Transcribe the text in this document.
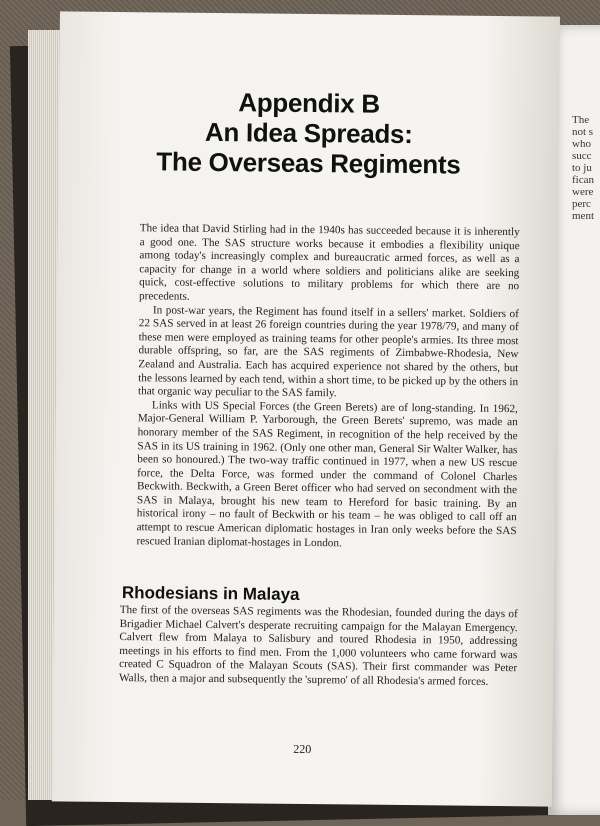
The
not s
who
succ
to ju
fican
were
perc
ment
Appendix B
An Idea Spreads:
The Overseas Regiments

The idea that David Stirling had in the 1940s has succeeded because it is inherently a good one. The SAS structure works because it embodies a flexibility unique among today's increasingly complex and bureaucratic armed forces, as well as a capacity for change in a world where soldiers and politicians alike are seeking quick, cost-effective solutions to military problems for which there are no precedents.

In post-war years, the Regiment has found itself in a sellers' market. Soldiers of 22 SAS served in at least 26 foreign countries during the year 1978/79, and many of these men were employed as training teams for other people's armies. Its three most durable offspring, so far, are the SAS regiments of Zimbabwe-Rhodesia, New Zealand and Australia. Each has acquired experience not shared by the others, but the lessons learned by each tend, within a short time, to be picked up by the others in that organic way peculiar to the SAS family.

Links with US Special Forces (the Green Berets) are of long-standing. In 1962, Major-General William P. Yarborough, the Green Berets' supremo, was made an honorary member of the SAS Regiment, in recognition of the help received by the SAS in its US training in 1962. (Only one other man, General Sir Walter Walker, has been so honoured.) The two-way traffic continued in 1977, when a new US rescue force, the Delta Force, was formed under the command of Colonel Charles Beckwith. Beckwith, a Green Beret officer who had served on secondment with the SAS in Malaya, brought his new team to Hereford for basic training. By an historical irony – no fault of Beckwith or his team – he was obliged to call off an attempt to rescue American diplomatic hostages in Iran only weeks before the SAS rescued Iranian diplomat-hostages in London.

Rhodesians in Malaya

The first of the overseas SAS regiments was the Rhodesian, founded during the days of Brigadier Michael Calvert's desperate recruiting campaign for the Malayan Emergency. Calvert flew from Malaya to Salisbury and toured Rhodesia in 1950, addressing meetings in his efforts to find men. From the 1,000 volunteers who came forward was created C Squadron of the Malayan Scouts (SAS). Their first commander was Peter Walls, then a major and subsequently the 'supremo' of all Rhodesia's armed forces.

220
